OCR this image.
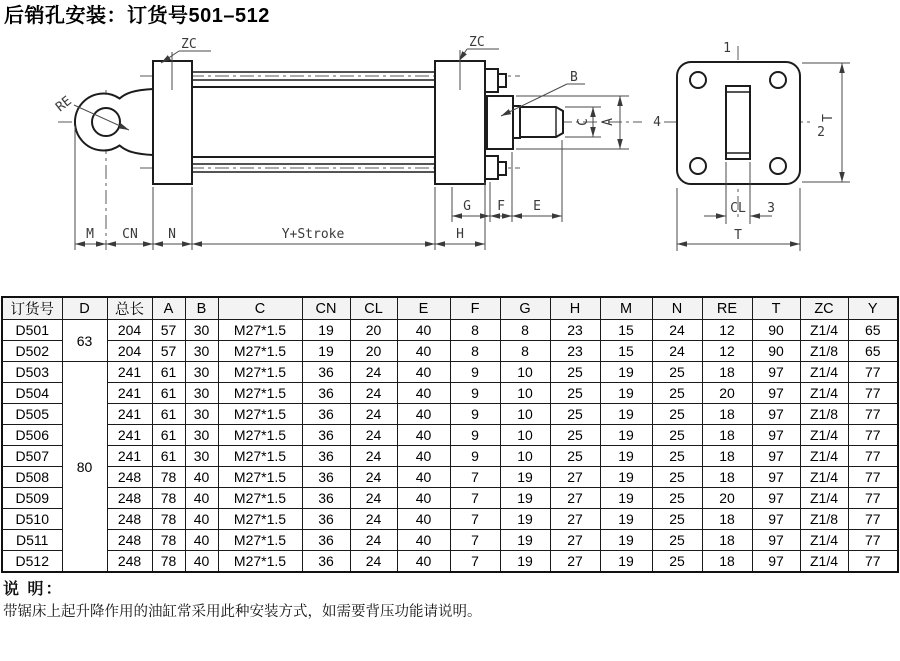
后销孔安装：订货号501–512
ZC	ZC
RE
B
C A
G F E
M CN N	Y+Stroke	H
1
4
2
3
T
CL
T
订货号	D	总长	A	B	C	CN	CL	E	F	G	H	M	N	RE	T	ZC	Y
D501	63	204	57	30	M27*1.5	19	20	40	8	8	23	15	24	12	90	Z1/4	65
D502		204	57	30	M27*1.5	19	20	40	8	8	23	15	24	12	90	Z1/8	65
D503	80	241	61	30	M27*1.5	36	24	40	9	10	25	19	25	18	97	Z1/4	77
D504		241	61	30	M27*1.5	36	24	40	9	10	25	19	25	20	97	Z1/4	77
D505		241	61	30	M27*1.5	36	24	40	9	10	25	19	25	18	97	Z1/8	77
D506		241	61	30	M27*1.5	36	24	40	9	10	25	19	25	18	97	Z1/4	77
D507		241	61	30	M27*1.5	36	24	40	9	10	25	19	25	18	97	Z1/4	77
D508		248	78	40	M27*1.5	36	24	40	7	19	27	19	25	18	97	Z1/4	77
D509		248	78	40	M27*1.5	36	24	40	7	19	27	19	25	20	97	Z1/4	77
D510		248	78	40	M27*1.5	36	24	40	7	19	27	19	25	18	97	Z1/8	77
D511		248	78	40	M27*1.5	36	24	40	7	19	27	19	25	18	97	Z1/4	77
D512		248	78	40	M27*1.5	36	24	40	7	19	27	19	25	18	97	Z1/4	77
说 明：
带锯床上起升降作用的油缸常采用此种安装方式，如需要背压功能请说明。
